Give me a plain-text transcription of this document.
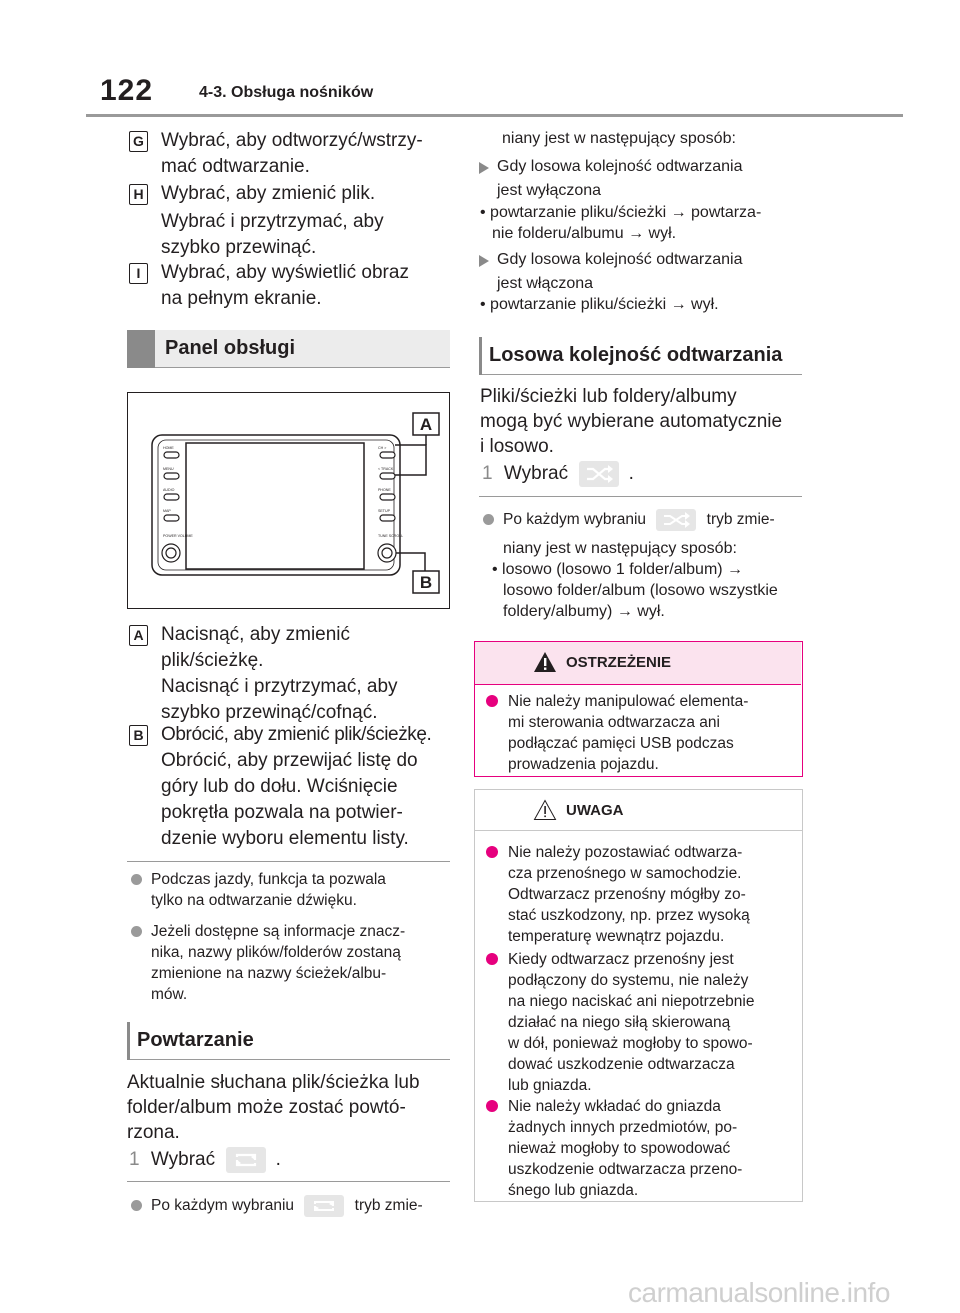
122	4-3. Obsługa nośników
G Wybrać, aby odtworzyć/wstrzy-

mać odtwarzanie.

H Wybrać, aby zmienić plik.

Wybrać i przytrzymać, aby

szybko przewinąć.

I	Wybrać, aby wyświetlić obraz

na pełnym ekranie.

Panel obsługi
HOME
MENU
AUDIO
MAP
POWER VOLUME
CH >
< TRACK
PHONE
SETUP
TUNE SCROLL
A
B
A Nacisnąć, aby zmienić

plik/ścieżkę.

Nacisnąć i przytrzymać, aby

szybko przewinąć/cofnąć.

B Obrócić, aby zmienić plik/ścieżkę.

Obrócić, aby przewijać listę do

góry lub do dołu. Wciśnięcie

pokrętła pozwala na potwier-

dzenie wyboru elementu listy.

Podczas jazdy, funkcja ta pozwala

tylko na odtwarzanie dźwięku.

Jeżeli dostępne są informacje znacz-

nika, nazwy plików/folderów zostaną

zmienione na nazwy ścieżek/albu-

mów.

Powtarzanie

Aktualnie słuchana plik/ścieżka lub

folder/album może zostać powtó-

rzona.

1 Wybrać	.
Po każdym wybraniu	tryb zmie-
niany jest w następujący sposób:

Gdy losowa kolejność odtwarzania

jest wyłączona

• powtarzanie pliku/ścieżki → powtarza-

nie folderu/albumu → wył.

Gdy losowa kolejność odtwarzania

jest włączona

• powtarzanie pliku/ścieżki → wył.

Losowa kolejność odtwarzania

Pliki/ścieżki lub foldery/albumy

mogą być wybierane automatycznie

i losowo.

1 Wybrać	.
Po każdym wybraniu	tryb zmie-

niany jest w następujący sposób:

• losowo (losowo 1 folder/album) →

losowo folder/album (losowo wszystkie

foldery/albumy) → wył.

OSTRZEŻENIE

Nie należy manipulować elementa-

mi sterowania odtwarzacza ani

podłączać pamięci USB podczas

prowadzenia pojazdu.

UWAGA

Nie należy pozostawiać odtwarza-

cza przenośnego w samochodzie.

Odtwarzacz przenośny mógłby zo-

stać uszkodzony, np. przez wysoką

temperaturę wewnątrz pojazdu.

Kiedy odtwarzacz przenośny jest

podłączony do systemu, nie należy

na niego naciskać ani niepotrzebnie

działać na niego siłą skierowaną

w dół, ponieważ mogłoby to spowo-

dować uszkodzenie odtwarzacza

lub gniazda.

Nie należy wkładać do gniazda

żadnych innych przedmiotów, po-

nieważ mogłoby to spowodować

uszkodzenie odtwarzacza przeno-

śnego lub gniazda.

carmanualsonline.info
